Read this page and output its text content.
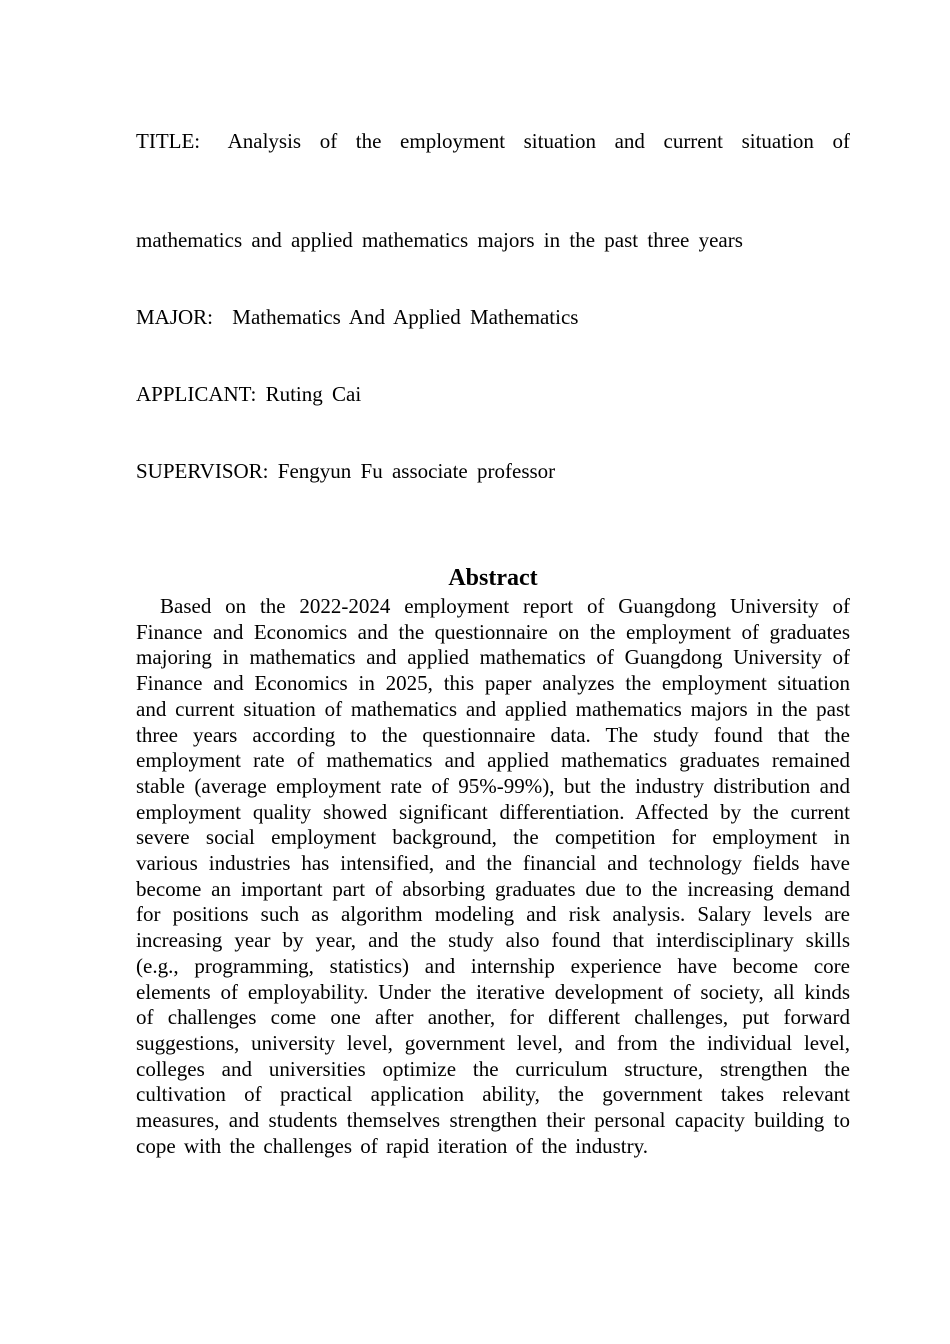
TITLE: Analysis of the employment situation and current situation of
mathematics and applied mathematics majors in the past three years
MAJOR: Mathematics And Applied Mathematics
APPLICANT: Ruting Cai
SUPERVISOR: Fengyun Fu associate professor
Abstract

Based on the 2022-2024 employment report of Guangdong University of Finance and Economics and the questionnaire on the employment of graduates majoring in mathematics and applied mathematics of Guangdong University of Finance and Economics in 2025, this paper analyzes the employment situation and current situation of mathematics and applied mathematics majors in the past three years according to the questionnaire data. The study found that the employment rate of mathematics and applied mathematics graduates remained stable (average employment rate of 95%-99%), but the industry distribution and employment quality showed significant differentiation. Affected by the current severe social employment background, the competition for employment in various industries has intensified, and the financial and technology fields have become an important part of absorbing graduates due to the increasing demand for positions such as algorithm modeling and risk analysis. Salary levels are increasing year by year, and the study also found that interdisciplinary skills (e.g., programming, statistics) and internship experience have become core elements of employability. Under the iterative development of society, all kinds of challenges come one after another, for different challenges, put forward suggestions, university level, government level, and from the individual level, colleges and universities optimize the curriculum structure, strengthen the cultivation of practical application ability, the government takes relevant measures, and students themselves strengthen their personal capacity building to cope with the challenges of rapid iteration of the industry.
